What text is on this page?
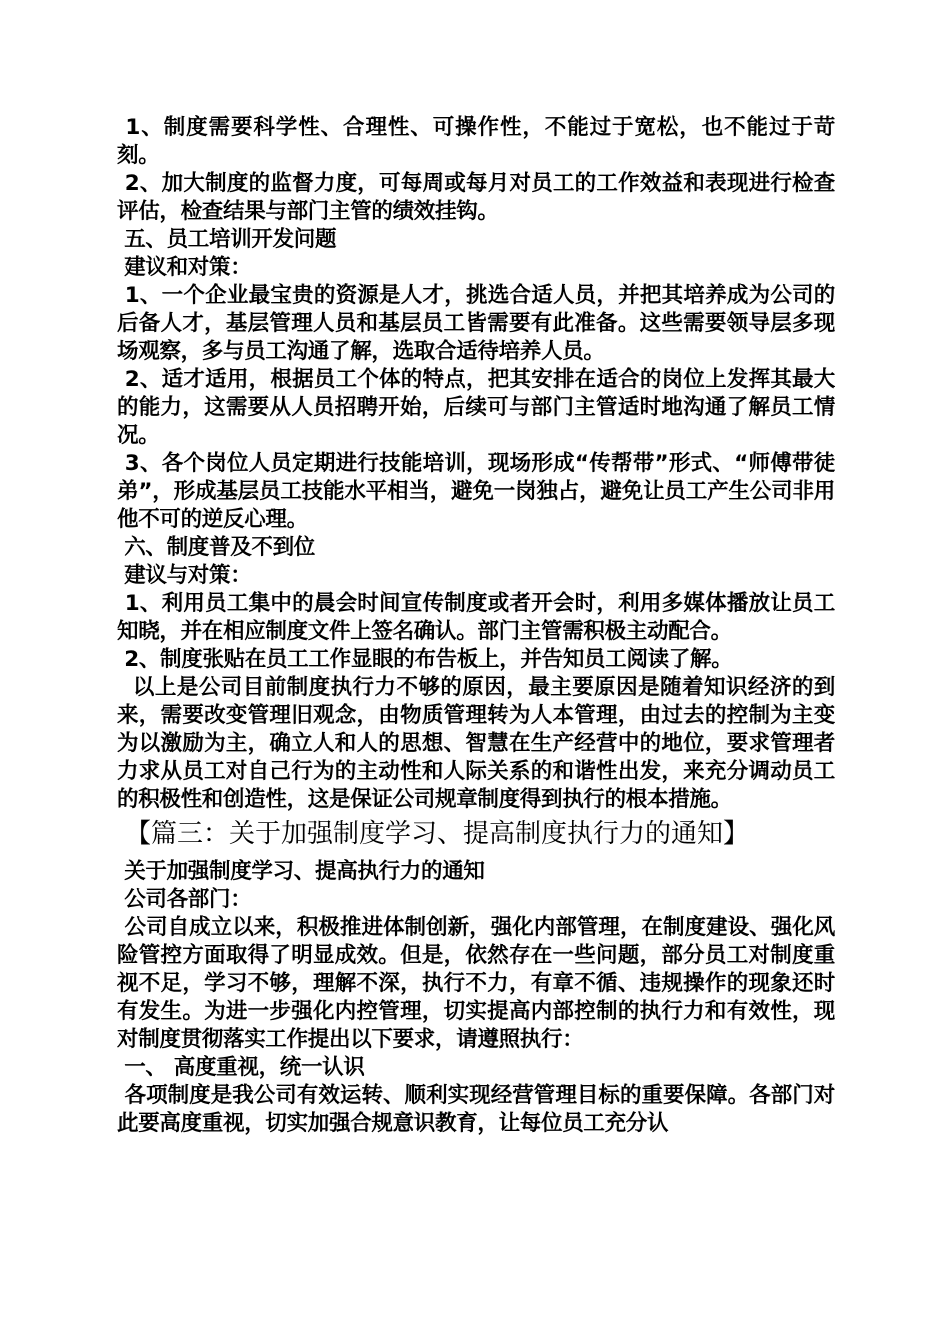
1、制度需要科学性、合理性、可操作性，不能过于宽松，也不能过于苛刻。

2、加大制度的监督力度，可每周或每月对员工的工作效益和表现进行检查评估，检查结果与部门主管的绩效挂钩。

五、员工培训开发问题

建议和对策：

1、一个企业最宝贵的资源是人才，挑选合适人员，并把其培养成为公司的后备人才，基层管理人员和基层员工皆需要有此准备。这些需要领导层多现场观察，多与员工沟通了解，选取合适待培养人员。

2、适才适用，根据员工个体的特点，把其安排在适合的岗位上发挥其最大的能力，这需要从人员招聘开始，后续可与部门主管适时地沟通了解员工情况。

3、各个岗位人员定期进行技能培训，现场形成“传帮带”形式、“师傅带徒弟”，形成基层员工技能水平相当，避免一岗独占，避免让员工产生公司非用他不可的逆反心理。

六、制度普及不到位

建议与对策：

1、利用员工集中的晨会时间宣传制度或者开会时，利用多媒体播放让员工知晓，并在相应制度文件上签名确认。部门主管需积极主动配合。

2、制度张贴在员工工作显眼的布告板上，并告知员工阅读了解。

以上是公司目前制度执行力不够的原因，最主要原因是随着知识经济的到来，需要改变管理旧观念，由物质管理转为人本管理，由过去的控制为主变为以激励为主，确立人和人的思想、智慧在生产经营中的地位，要求管理者力求从员工对自己行为的主动性和人际关系的和谐性出发，来充分调动员工的积极性和创造性，这是保证公司规章制度得到执行的根本措施。

【篇三：关于加强制度学习、提高制度执行力的通知】

关于加强制度学习、提高执行力的通知

公司各部门：

公司自成立以来，积极推进体制创新，强化内部管理，在制度建设、强化风险管控方面取得了明显成效。但是，依然存在一些问题，部分员工对制度重视不足，学习不够，理解不深，执行不力，有章不循、违规操作的现象还时有发生。为进一步强化内控管理，切实提高内部控制的执行力和有效性，现对制度贯彻落实工作提出以下要求，请遵照执行：

一、 高度重视，统一认识

各项制度是我公司有效运转、顺利实现经营管理目标的重要保障。各部门对此要高度重视，切实加强合规意识教育，让每位员工充分认
